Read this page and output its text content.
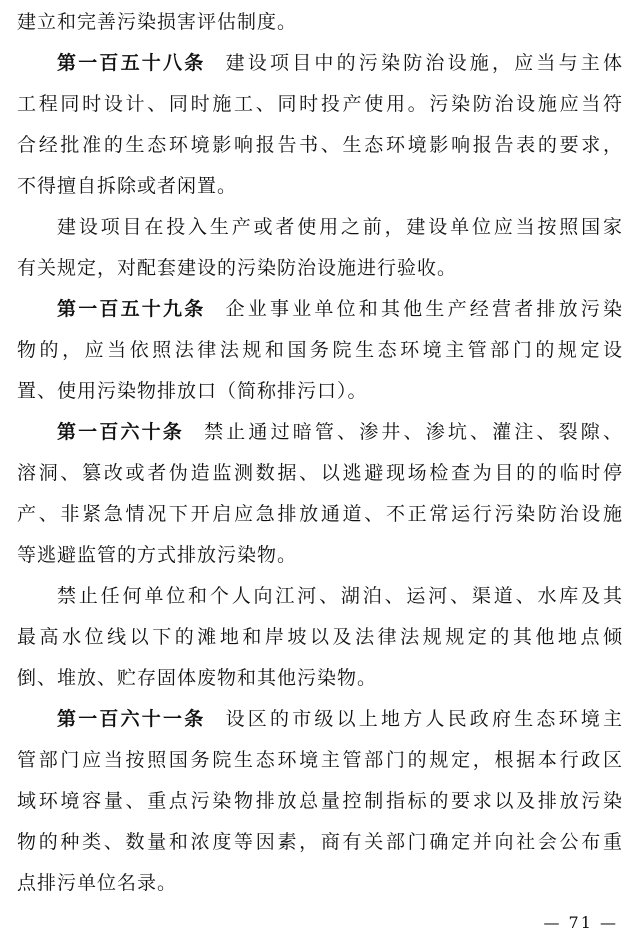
建立和完善污染损害评估制度。
第一百五十八条 建设项目中的污染防治设施，应当与主体
工程同时设计、同时施工、同时投产使用。污染防治设施应当符
合经批准的生态环境影响报告书、生态环境影响报告表的要求，
不得擅自拆除或者闲置。
建设项目在投入生产或者使用之前，建设单位应当按照国家
有关规定，对配套建设的污染防治设施进行验收。
第一百五十九条 企业事业单位和其他生产经营者排放污染
物的，应当依照法律法规和国务院生态环境主管部门的规定设
置、使用污染物排放口（简称排污口）。
第一百六十条 禁止通过暗管、渗井、渗坑、灌注、裂隙、
溶洞、篡改或者伪造监测数据、以逃避现场检查为目的的临时停
产、非紧急情况下开启应急排放通道、不正常运行污染防治设施
等逃避监管的方式排放污染物。
禁止任何单位和个人向江河、湖泊、运河、渠道、水库及其
最高水位线以下的滩地和岸坡以及法律法规规定的其他地点倾
倒、堆放、贮存固体废物和其他污染物。
第一百六十一条 设区的市级以上地方人民政府生态环境主
管部门应当按照国务院生态环境主管部门的规定，根据本行政区
域环境容量、重点污染物排放总量控制指标的要求以及排放污染
物的种类、数量和浓度等因素，商有关部门确定并向社会公布重
点排污单位名录。
— 71 —
